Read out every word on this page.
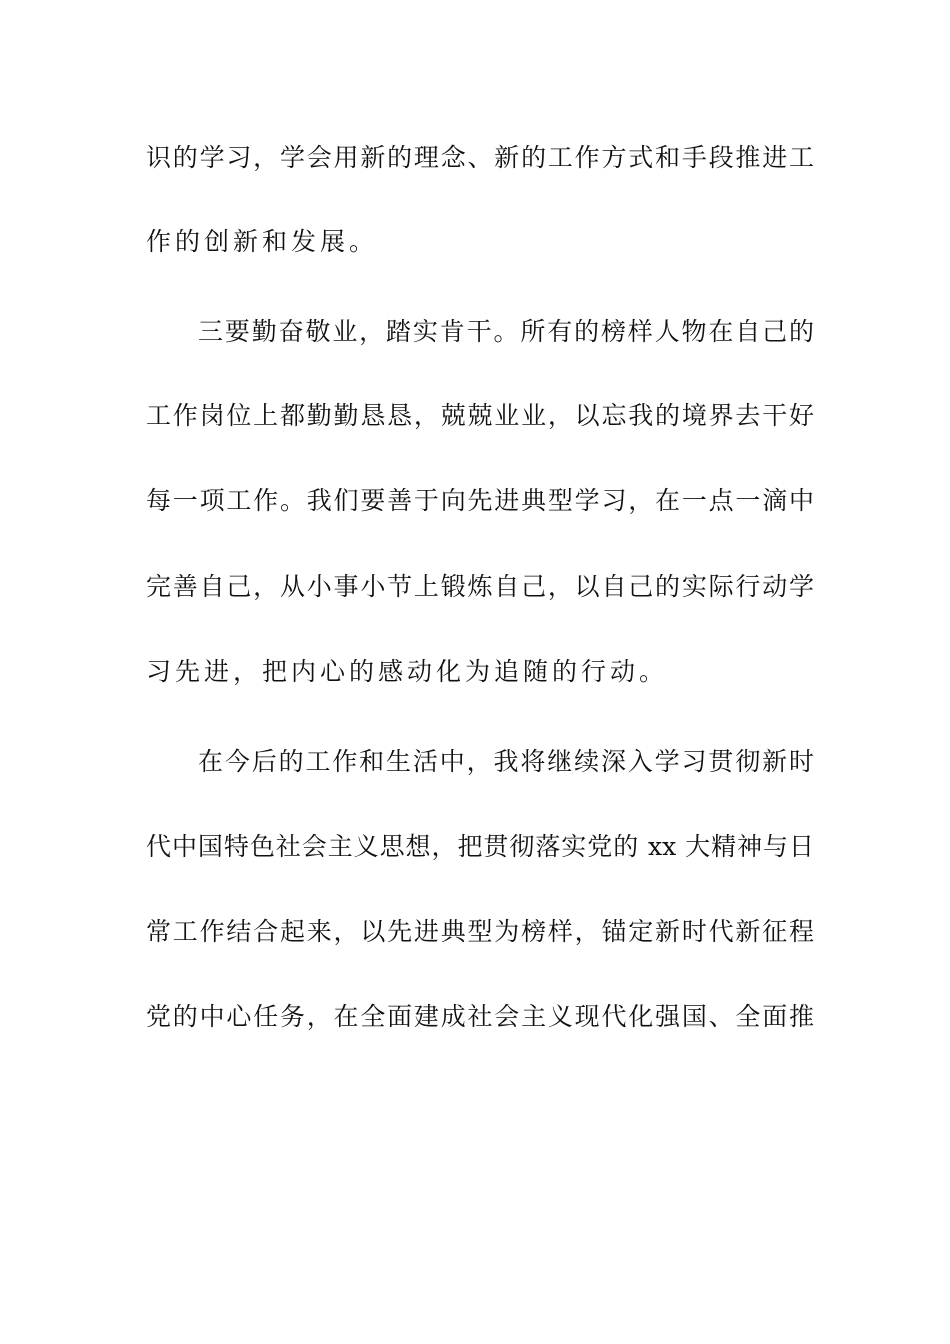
识的学习，学会用新的理念、新的工作方式和手段推进工
作的创新和发展。
三要勤奋敬业，踏实肯干。所有的榜样人物在自己的
工作岗位上都勤勤恳恳，兢兢业业，以忘我的境界去干好
每一项工作。我们要善于向先进典型学习，在一点一滴中
完善自己，从小事小节上锻炼自己，以自己的实际行动学
习先进，把内心的感动化为追随的行动。
在今后的工作和生活中，我将继续深入学习贯彻新时
代中国特色社会主义思想，把贯彻落实党的 xx 大精神与日
常工作结合起来，以先进典型为榜样，锚定新时代新征程
党的中心任务，在全面建成社会主义现代化强国、全面推
